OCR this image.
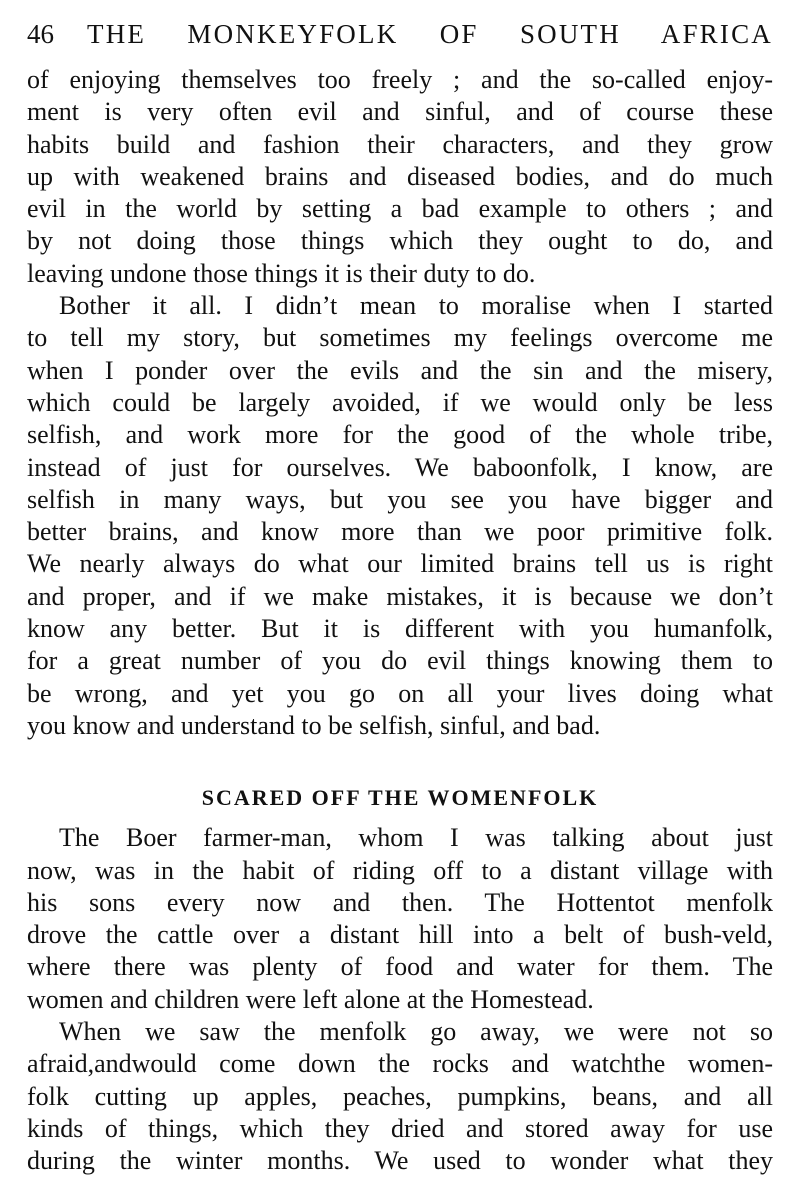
46	THE MONKEYFOLK OF SOUTH AFRICA
of enjoying themselves too freely ; and the so-called enjoy-
ment is very often evil and sinful, and of course these
habits build and fashion their characters, and they grow
up with weakened brains and diseased bodies, and do much
evil in the world by setting a bad example to others ; and
by not doing those things which they ought to do, and
leaving undone those things it is their duty to do.
Bother it all. I didn’t mean to moralise when I started
to tell my story, but sometimes my feelings overcome me
when I ponder over the evils and the sin and the misery,
which could be largely avoided, if we would only be less
selfish, and work more for the good of the whole tribe,
instead of just for ourselves. We baboonfolk, I know, are
selfish in many ways, but you see you have bigger and
better brains, and know more than we poor primitive folk.
We nearly always do what our limited brains tell us is right
and proper, and if we make mistakes, it is because we don’t
know any better. But it is different with you humanfolk,
for a great number of you do evil things knowing them to
be wrong, and yet you go on all your lives doing what
you know and understand to be selfish, sinful, and bad.
SCARED OFF THE WOMENFOLK
The Boer farmer-man, whom I was talking about just
now, was in the habit of riding off to a distant village with
his sons every now and then. The Hottentot menfolk
drove the cattle over a distant hill into a belt of bush-veld,
where there was plenty of food and water for them. The
women and children were left alone at the Homestead.
When we saw the menfolk go away, we were not so
afraid,andwould come down the rocks and watchthe women-
folk cutting up apples, peaches, pumpkins, beans, and all
kinds of things, which they dried and stored away for use
during the winter months. We used to wonder what they
